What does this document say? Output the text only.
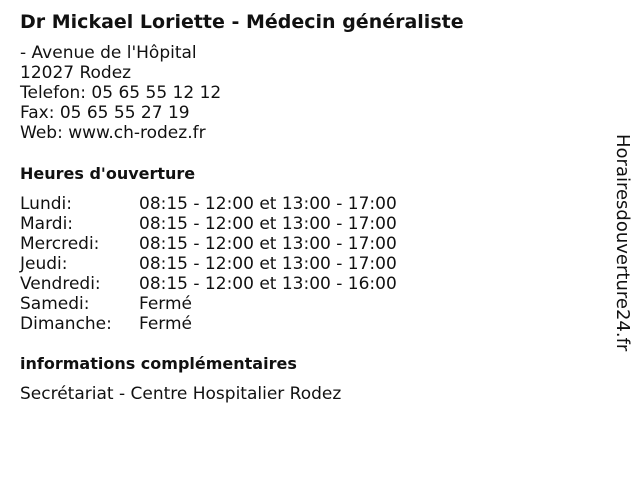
Dr Mickael Loriette - Médecin généraliste
- Avenue de l'Hôpital
12027 Rodez
Telefon: 05 65 55 12 12
Fax: 05 65 55 27 19
Web: www.ch-rodez.fr
Heures d'ouverture
Lundi:	08:15 - 12:00 et 13:00 - 17:00
Mardi:	08:15 - 12:00 et 13:00 - 17:00
Mercredi:	08:15 - 12:00 et 13:00 - 17:00
Jeudi:	08:15 - 12:00 et 13:00 - 17:00
Vendredi:	08:15 - 12:00 et 13:00 - 16:00
Samedi:	Fermé
Dimanche:	Fermé
informations complémentaires
Secrétariat - Centre Hospitalier Rodez
Horairesdouverture24.fr
